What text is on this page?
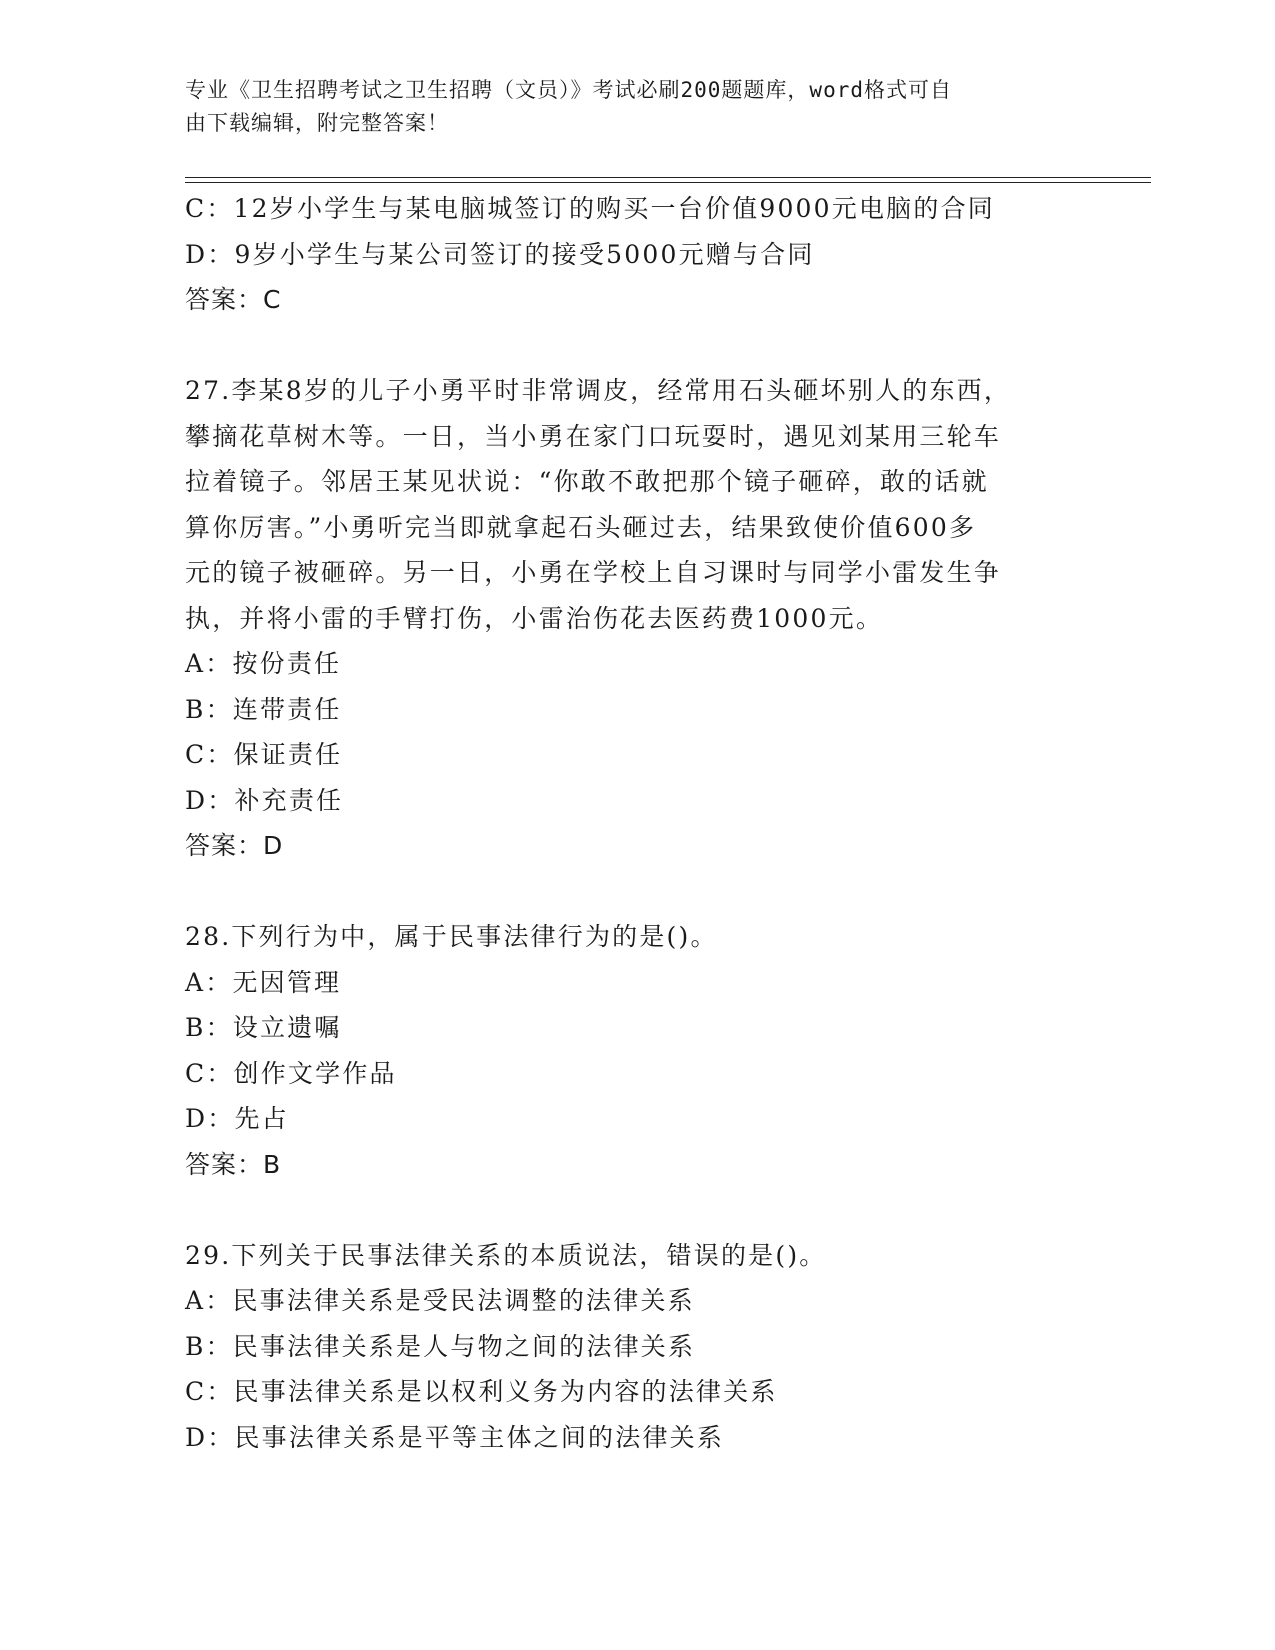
专业《卫生招聘考试之卫生招聘（文员）》考试必刷200题题库，word格式可自
由下载编辑，附完整答案！
C：12岁小学生与某电脑城签订的购买一台价值9000元电脑的合同
D：9岁小学生与某公司签订的接受5000元赠与合同
答案：C
27.李某8岁的儿子小勇平时非常调皮，经常用石头砸坏别人的东西，
攀摘花草树木等。一日，当小勇在家门口玩耍时，遇见刘某用三轮车
拉着镜子。邻居王某见状说：“你敢不敢把那个镜子砸碎，敢的话就
算你厉害。”小勇听完当即就拿起石头砸过去，结果致使价值600多
元的镜子被砸碎。另一日，小勇在学校上自习课时与同学小雷发生争
执，并将小雷的手臂打伤，小雷治伤花去医药费1000元。
A：按份责任
B：连带责任
C：保证责任
D：补充责任
答案：D
28.下列行为中，属于民事法律行为的是()。
A：无因管理
B：设立遗嘱
C：创作文学作品
D：先占
答案：B
29.下列关于民事法律关系的本质说法，错误的是()。
A：民事法律关系是受民法调整的法律关系
B：民事法律关系是人与物之间的法律关系
C：民事法律关系是以权利义务为内容的法律关系
D：民事法律关系是平等主体之间的法律关系
